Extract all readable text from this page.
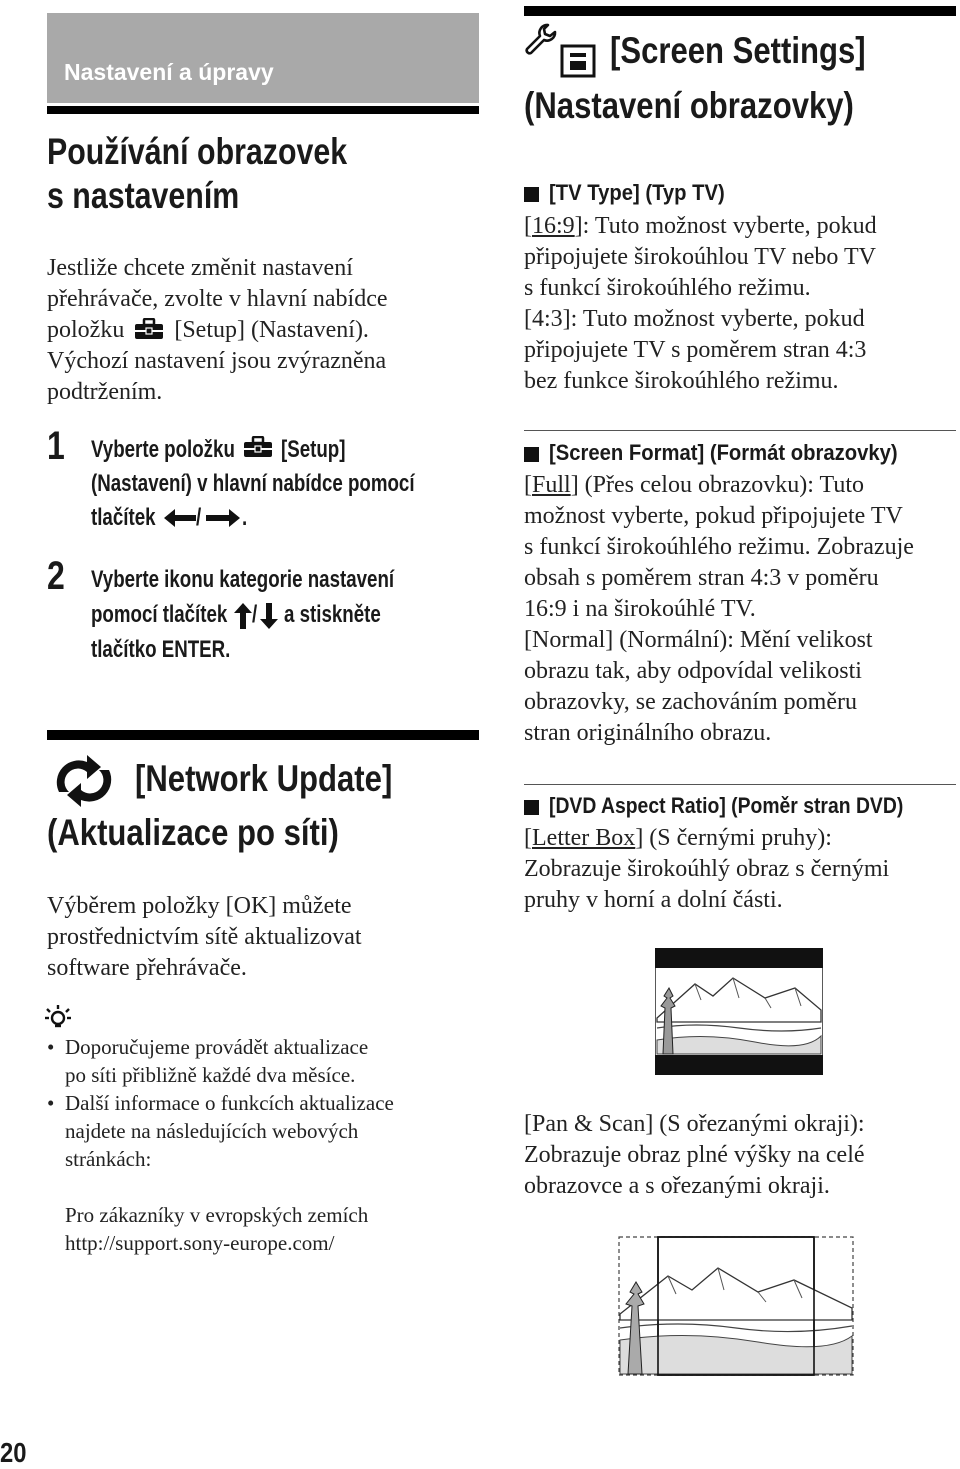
Nastavení a úpravy
Používání obrazovek
s nastavením

Jestliže chcete změnit nastavení

přehrávače, zvolte v hlavní nabídce

položku [Setup] (Nastavení).

Výchozí nastavení jsou zvýrazněna

podtržením.

1 Vyberte položku [Setup]
(Nastavení) v hlavní nabídce pomocí
tlačítek / .
2 Vyberte ikonu kategorie nastavení
pomocí tlačítek / a stiskněte
tlačítko ENTER.
[Network Update]
(Aktualizace po síti)

Výběrem položky [OK] můžete

prostřednictvím sítě aktualizovat

software přehrávače.

• Doporučujeme provádět aktualizace
po síti přibližně každé dva měsíce.
• Další informace o funkcích aktualizace
najdete na následujících webových
stránkách:
Pro zákazníky v evropských zemích
http://support.sony-europe.com/
[Screen Settings]
(Nastavení obrazovky)
[TV Type] (Typ TV)

[16:9]: Tuto možnost vyberte, pokud

připojujete širokoúhlou TV nebo TV

s funkcí širokoúhlého režimu.

[4:3]: Tuto možnost vyberte, pokud

připojujete TV s poměrem stran 4:3

bez funkce širokoúhlého režimu.

[Screen Format] (Formát obrazovky)

[Full] (Přes celou obrazovku): Tuto

možnost vyberte, pokud připojujete TV

s funkcí širokoúhlého režimu. Zobrazuje

obsah s poměrem stran 4:3 v poměru

16:9 i na širokoúhlé TV.

[Normal] (Normální): Mění velikost

obrazu tak, aby odpovídal velikosti

obrazovky, se zachováním poměru

stran originálního obrazu.

[DVD Aspect Ratio] (Poměr stran DVD)

[Letter Box] (S černými pruhy):

Zobrazuje širokoúhlý obraz s černými

pruhy v horní a dolní části.

[Pan & Scan] (S ořezanými okraji):

Zobrazuje obraz plné výšky na celé

obrazovce a s ořezanými okraji.

20
